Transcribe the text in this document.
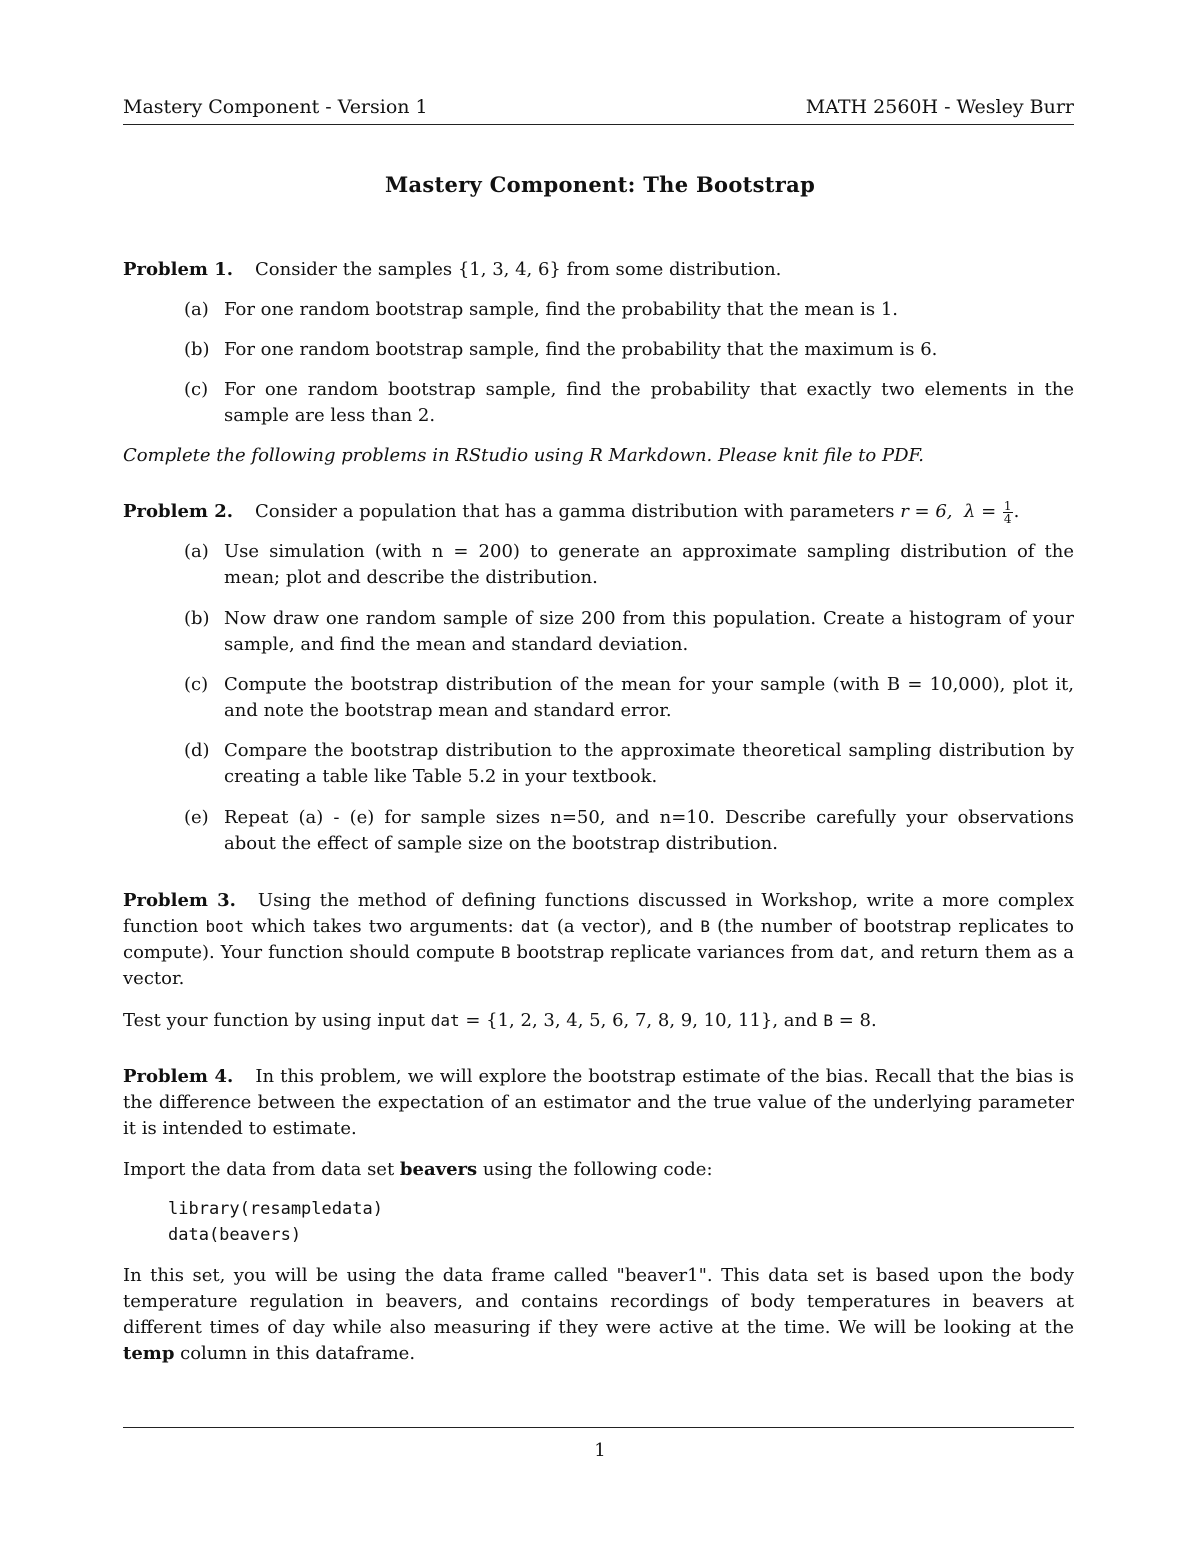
Mastery Component - Version 1	MATH 2560H - Wesley Burr
Mastery Component: The Bootstrap
Problem 1. Consider the samples {1, 3, 4, 6} from some distribution.
(a) For one random bootstrap sample, find the probability that the mean is 1.
(b) For one random bootstrap sample, find the probability that the maximum is 6.
(c) For one random bootstrap sample, find the probability that exactly two elements in the sample are less than 2.
Complete the following problems in RStudio using R Markdown. Please knit file to PDF.
Problem 2. Consider a population that has a gamma distribution with parameters r = 6, $\lambda = \frac{1}{4}$ .
(a) Use simulation (with n = 200) to generate an approximate sampling distribution of the mean; plot and describe the distribution.
(b) Now draw one random sample of size 200 from this population. Create a histogram of your sample, and find the mean and standard deviation.
(c) Compute the bootstrap distribution of the mean for your sample (with B = 10,000), plot it, and note the bootstrap mean and standard error.
(d) Compare the bootstrap distribution to the approximate theoretical sampling distribution by creating a table like Table 5.2 in your textbook.
(e) Repeat (a) - (e) for sample sizes n=50, and n=10. Describe carefully your observations about the effect of sample size on the bootstrap distribution.
Problem 3. Using the method of defining functions discussed in Workshop, write a more complex function boot which takes two arguments: dat (a vector), and B (the number of bootstrap replicates to compute). Your function should compute B bootstrap replicate variances from dat, and return them as a vector.
Test your function by using input dat = {1, 2, 3, 4, 5, 6, 7, 8, 9, 10, 11}, and B = 8.
Problem 4. In this problem, we will explore the bootstrap estimate of the bias. Recall that the bias is the difference between the expectation of an estimator and the true value of the underlying parameter it is intended to estimate.
Import the data from data set beavers using the following code:
library(resampledata)
data(beavers)
In this set, you will be using the data frame called "beaver1". This data set is based upon the body temperature regulation in beavers, and contains recordings of body temperatures in beavers at different times of day while also measuring if they were active at the time. We will be looking at the temp column in this dataframe.
1
